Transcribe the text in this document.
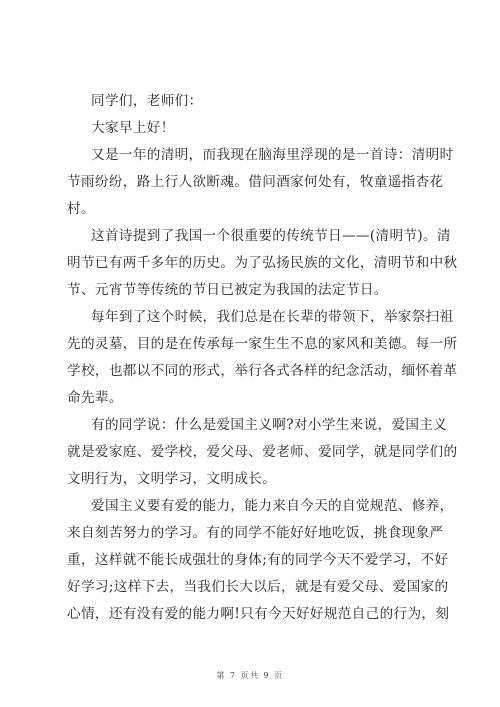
同学们，老师们：
大家早上好！
又是一年的清明，而我现在脑海里浮现的是一首诗：清明时
节雨纷纷，路上行人欲断魂。借问酒家何处有，牧童遥指杏花
村。
这首诗提到了我国一个很重要的传统节日——(清明节)。清
明节已有两千多年的历史。为了弘扬民族的文化，清明节和中秋
节、元宵节等传统的节日已被定为我国的法定节日。
每年到了这个时候，我们总是在长辈的带领下，举家祭扫祖
先的灵墓，目的是在传承每一家生生不息的家风和美德。每一所
学校，也都以不同的形式，举行各式各样的纪念活动，缅怀着革
命先辈。
有的同学说：什么是爱国主义啊?对小学生来说，爱国主义
就是爱家庭、爱学校，爱父母、爱老师、爱同学，就是同学们的
文明行为，文明学习，文明成长。
爱国主义要有爱的能力，能力来自今天的自觉规范、修养，
来自刻苦努力的学习。有的同学不能好好地吃饭，挑食现象严
重，这样就不能长成强壮的身体;有的同学今天不爱学习，不好
好学习;这样下去，当我们长大以后，就是有爱父母、爱国家的
心情，还有没有爱的能力啊!只有今天好好规范自己的行为，刻
第 7 页共 9 页
